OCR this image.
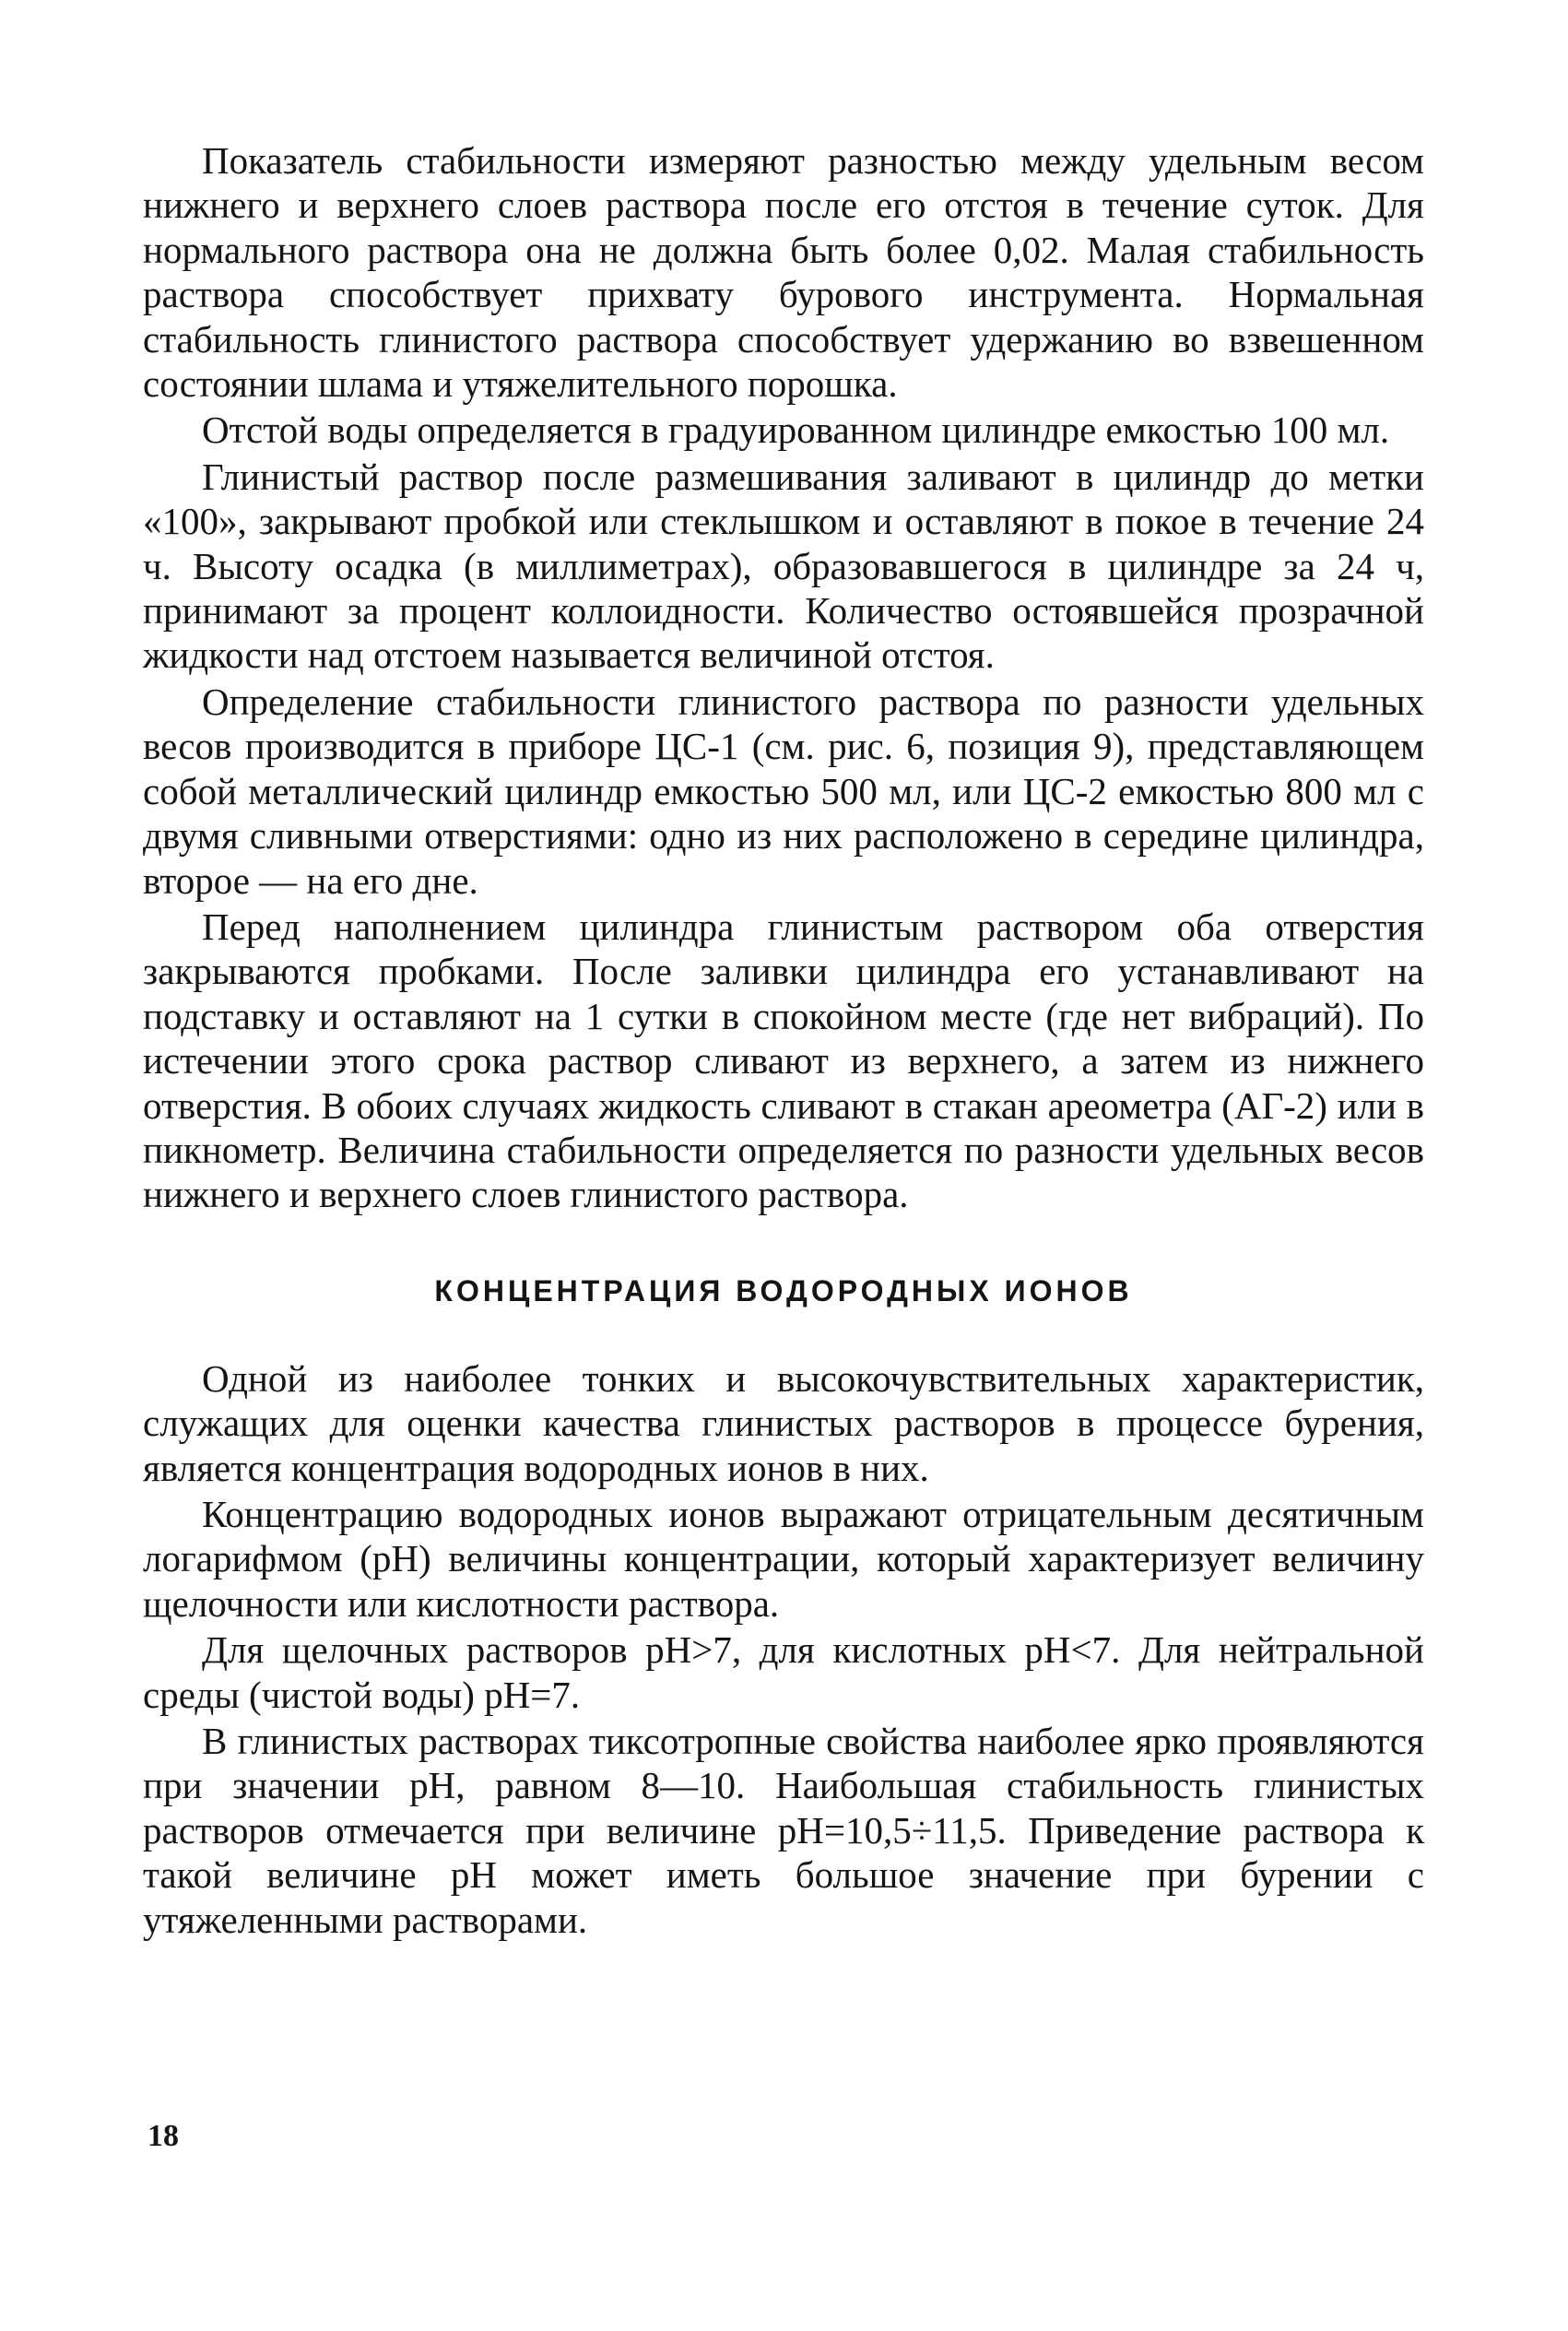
Показатель стабильности измеряют разностью между удельным весом нижнего и верхнего слоев раствора после его отстоя в течение суток. Для нормального раствора она не должна быть более 0,02. Малая стабильность раствора способствует прихвату бурового инструмента. Нормальная стабильность глинистого раствора способствует удержанию во взвешенном состоянии шлама и утяжелительного порошка.

Отстой воды определяется в градуированном цилиндре емкостью 100 мл.

Глинистый раствор после размешивания заливают в цилиндр до метки «100», закрывают пробкой или стеклышком и оставляют в покое в течение 24 ч. Высоту осадка (в миллиметрах), образовавшегося в цилиндре за 24 ч, принимают за процент коллоидности. Количество остоявшейся прозрачной жидкости над отстоем называется величиной отстоя.

Определение стабильности глинистого раствора по разности удельных весов производится в приборе ЦС-1 (см. рис. 6, позиция 9), представляющем собой металлический цилиндр емкостью 500 мл, или ЦС-2 емкостью 800 мл с двумя сливными отверстиями: одно из них расположено в середине цилиндра, второе — на его дне.

Перед наполнением цилиндра глинистым раствором оба отверстия закрываются пробками. После заливки цилиндра его устанавливают на подставку и оставляют на 1 сутки в спокойном месте (где нет вибраций). По истечении этого срока раствор сливают из верхнего, а затем из нижнего отверстия. В обоих случаях жидкость сливают в стакан ареометра (АГ-2) или в пикнометр. Величина стабильности определяется по разности удельных весов нижнего и верхнего слоев глинистого раствора.

КОНЦЕНТРАЦИЯ ВОДОРОДНЫХ ИОНОВ

Одной из наиболее тонких и высокочувствительных характеристик, служащих для оценки качества глинистых растворов в процессе бурения, является концентрация водородных ионов в них.

Концентрацию водородных ионов выражают отрицательным десятичным логарифмом (pH) величины концентрации, который характеризует величину щелочности или кислотности раствора.

Для щелочных растворов pH>7, для кислотных pH<7. Для нейтральной среды (чистой воды) pH=7.

В глинистых растворах тиксотропные свойства наиболее ярко проявляются при значении pH, равном 8—10. Наибольшая стабильность глинистых растворов отмечается при величине pH=10,5÷11,5. Приведение раствора к такой величине pH может иметь большое значение при бурении с утяжеленными растворами.

18
